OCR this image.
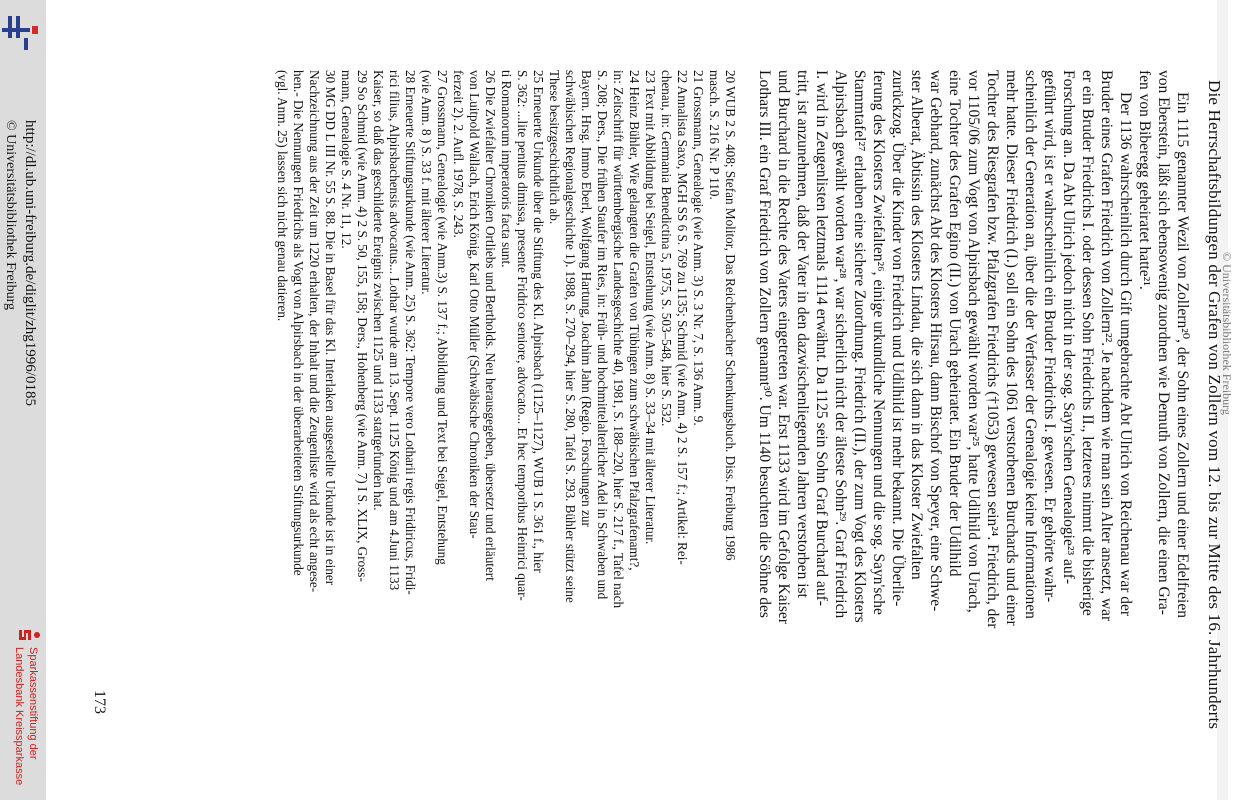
© Universitätsbibliothek Freiburg
Die Herrschaftsbildungen der Grafen von Zollern vom 12. bis zur Mitte des 16. Jahrhunderts
Ein 1115 genannter Wezil von Zollern²⁰, der Sohn eines Zollern und einer Edelfreien
von Eberstein, läßt sich ebensowenig zuordnen wie Demuth von Zollern, die einen Gra-
fen von Biberegg geheiratet hatte²¹.
Der 1136 wahrscheinlich durch Gift umgebrachte Abt Ulrich von Reichenau war der
Bruder eines Grafen Friedrich von Zollern²². Je nachdem wie man sein Alter ansetzt, war
er ein Bruder Friedrichs I. oder dessen Sohn Friedrichs II., letzteres nimmt die bisherige
Forschung an. Da Abt Ulrich jedoch nicht in der sog. Sayn'schen Genealogie²³ auf-
geführt wird, ist er wahrscheinlich ein Bruder Friedrichs I. gewesen. Er gehörte wahr-
scheinlich der Generation an, über die der Verfasser der Genealogie keine Informationen
mehr hatte. Dieser Friedrich (I.) soll ein Sohn des 1061 verstorbenen Burchards und einer
Tochter des Riesgrafen bzw. Pfalzgrafen Friedrichs (†1053) gewesen sein²⁴. Friedrich, der
vor 1105/06 zum Vogt von Alpirsbach gewählt worden war²⁵, hatte Udilhild von Urach,
eine Tochter des Grafen Egino (II.) von Urach geheiratet. Ein Bruder der Udilhild
war Gebhard, zunächst Abt des Klosters Hirsau, dann Bischof von Speyer, eine Schwe-
ster Alberat, Äbtissin des Klosters Lindau, die sich dann in das Kloster Zwiefalten
zurückzog. Über die Kinder von Friedrich und Udilhild ist mehr bekannt. Die Überlie-
ferung des Klosters Zwiefalten²⁶, einige urkundliche Nennungen und die sog. Sayn'sche
Stammtafel²⁷ erlauben eine sichere Zuordnung. Friedrich (II.), der zum Vogt des Klosters
Alpirsbach gewählt worden war²⁸, war sicherlich nicht der älteste Sohn²⁹. Graf Friedrich
I. wird in Zeugenlisten letztmals 1114 erwähnt. Da 1125 sein Sohn Graf Burchard auf-
tritt, ist anzunehmen, daß der Vater in den dazwischenliegenden Jahren verstorben ist
und Burchard in die Rechte des Vaters eingetreten war. Erst 1133 wird im Gefolge Kaiser
Lothars III. ein Graf Friedrich von Zollern genannt³⁰. Um 1140 besuchten die Söhne des
20 WUB 2 S. 408; Stefan Molitor, Das Reichenbacher Schenkungsbuch. Diss. Freiburg 1986
masch. S. 216 Nr. P 110.
21 Grossmann, Genealogie (wie Anm. 3) S. 3 Nr. 7, S. 136 Anm. 9.
22 Annalista Saxo, MGH SS 6 S. 769 zu 1135; Schmid (wie Anm. 4) 2 S. 157 f.; Artikel: Rei-
chenau, in: Germania Benedictina 5, 1975, S. 503–548, hier S. 532.
23 Text mit Abbildung bei Seigel, Entstehung (wie Anm. 8) S. 33–34 mit älterer Literatur.
24 Heinz Bühler, Wie gelangten die Grafen von Tübingen zum schwäbischen Pfalzgrafenamt?,
in: Zeitschrift für württembergische Landesgeschichte 40, 1981, S. 188–220, hier S. 217 f., Tafel nach
S. 208; Ders., Die frühen Staufer im Ries, in: Früh- und hochmittelalterlicher Adel in Schwaben und
Bayern. Hrsg. Immo Eberl, Wolfgang Hartung, Joachim Jahn (Regio. Forschungen zur
schwäbischen Regionalgeschichte 1). 1988, S. 270–294, hier S. 280, Tafel S. 293. Bühler stützt seine
These besitzgeschichtlich ab.
25 Erneuerte Urkunde über die Stiftung des Kl. Alpirsbach (1125–1127), WUB 1 S. 361 f., hier
S. 362: ...lite penitus dimissa, presente Fridrico seniore, advocato... Et hec temporibus Heinrici quar-
ti Romanorum imperatoris facta sunt.
26 Die Zwiefalter Chroniken Ortliebs und Bertholds. Neu herausgegeben, übersetzt und erläutert
von Luitpold Wallach, Erich König, Karl Otto Müller (Schwäbische Chroniken der Stau-
ferzeit 2). 2. Aufl. 1978, S. 243.
27 Grossmann, Genealogie (wie Anm.3) S. 137 f.; Abbildung und Text bei Seigel, Entstehung
(wie Anm. 8 ) S. 33 f. mit älterer Literatur.
28 Erneuerte Stiftungsurkunde (wie Anm. 25) S. 362: Tempore vero Lotharii regis Fridiricus, Fridi-
rici filius, Alpirsbachensis advocatus... Lothar wurde am 13. Sept. 1125 König und am 4.Juni 1133
Kaiser, so daß das geschilderte Ereignis zwischen 1125 und 1133 stattgefunden hat.
29 So Schmid (wie Anm. 4) 2 S. 50, 155, 158; Ders., Hohenberg (wie Anm. 7) I S. XLIX, Gross-
mann, Genealogie S. 4 Nr. 11, 12.
30 MG DD L III Nr. 55 S. 88. Die in Basel für das Kl. Interlaken ausgestellte Urkunde ist in einer
Nachzeichnung aus der Zeit um 1220 erhalten, der Inhalt und die Zeugenliste wird als echt angese-
hen.- Die Nennungen Friedrichs als Vogt von Alpirsbach in der überarbeiteten Stiftungsurkunde
(vgl. Anm. 25) lassen sich nicht genau datieren.
173
http://dl.ub.uni-freiburg.de/diglit/zhg1996/0185
© Universitätsbibliothek Freiburg
Sparkassenstiftung der
Landesbank Kreissparkasse
